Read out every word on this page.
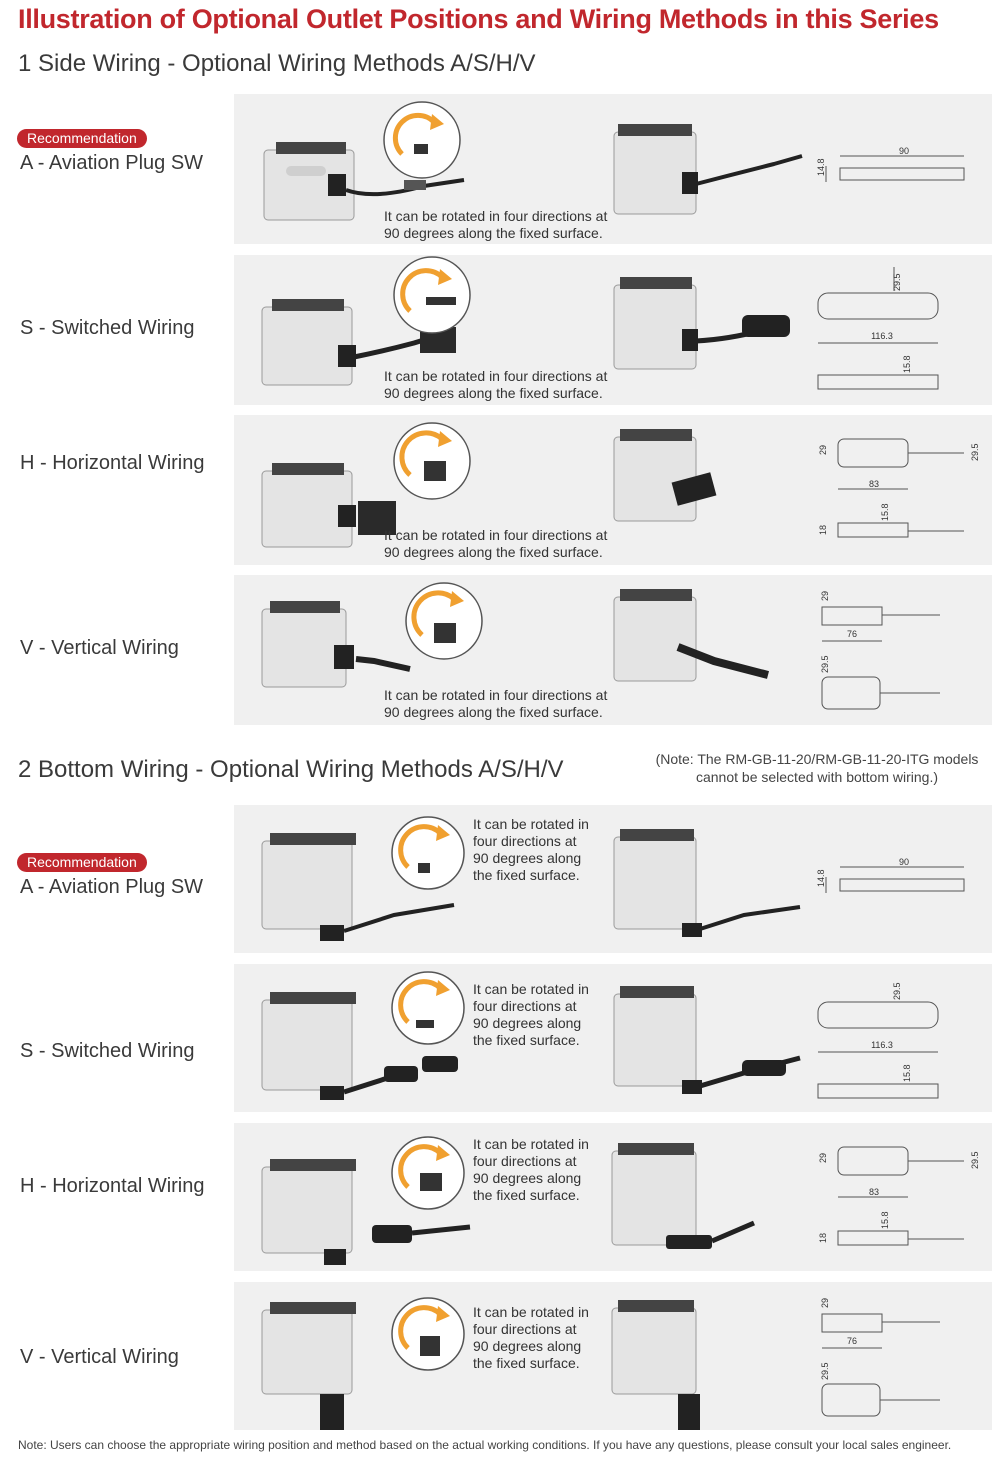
Illustration of Optional Outlet Positions and Wiring Methods in this Series
1 Side Wiring - Optional Wiring Methods A/S/H/V
Recommendation
A - Aviation Plug SW
90
14.8
It can be rotated in four directions at
90 degrees along the fixed surface.
S - Switched Wiring	116.3
29.5
15.8
It can be rotated in four directions at
90 degrees along the fixed surface.
H - Horizontal Wiring
83
29	29.5
18
15.8
It can be rotated in four directions at
90 degrees along the fixed surface.
V - Vertical Wiring
76
29
29.5
It can be rotated in four directions at
90 degrees along the fixed surface.
2 Bottom Wiring - Optional Wiring Methods A/S/H/V	(Note: The RM-GB-11-20/RM-GB-11-20-ITG models
cannot be selected with bottom wiring.)
Recommendation
A - Aviation Plug SW
90
14.8
It can be rotated in
four directions at
90 degrees along
the fixed surface.
S - Switched Wiring	116.3
29.5
15.8
It can be rotated in
four directions at
90 degrees along
the fixed surface.
H - Horizontal Wiring	83
29	29.5
18
15.8
It can be rotated in
four directions at
90 degrees along
the fixed surface.
V - Vertical Wiring
76
29
29.5
It can be rotated in
four directions at
90 degrees along
the fixed surface.
Note: Users can choose the appropriate wiring position and method based on the actual working conditions. If you have any questions, please consult your local sales engineer.
